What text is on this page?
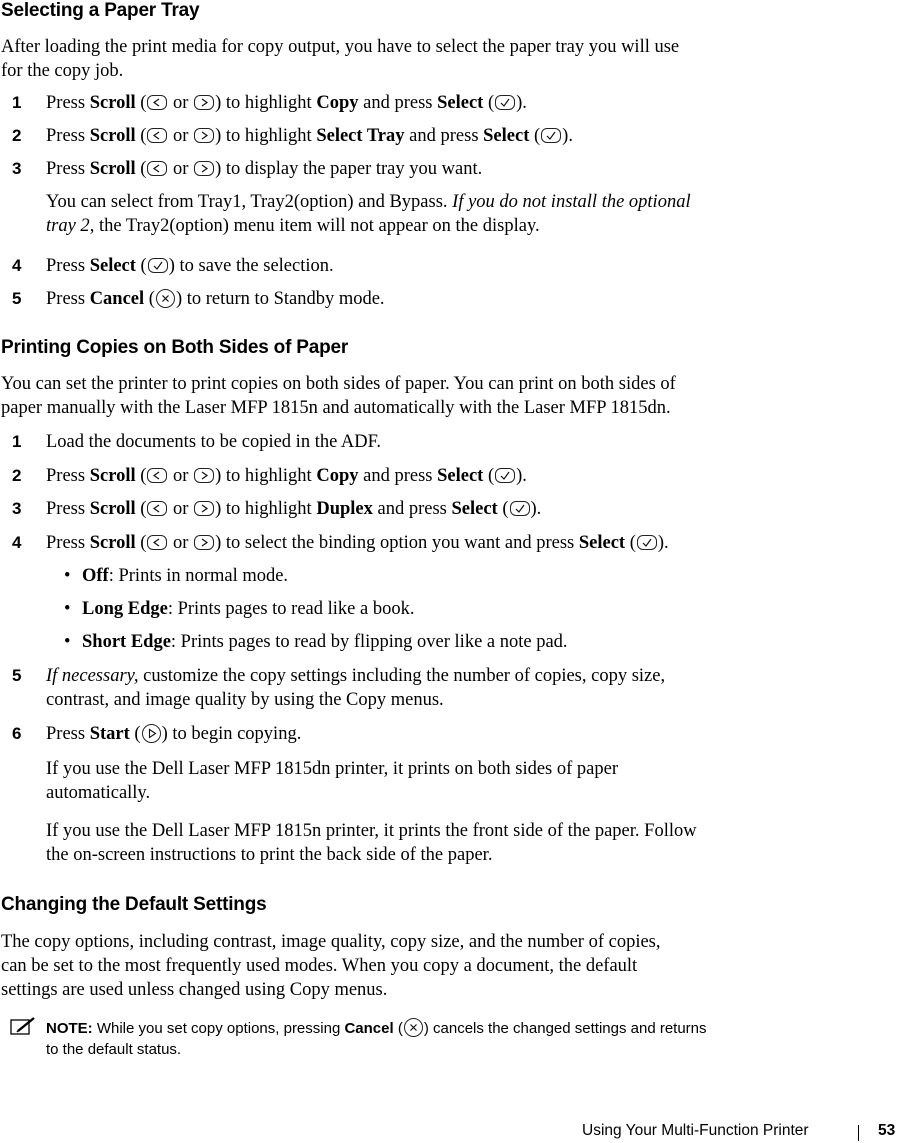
Selecting a Paper Tray
After loading the print media for copy output, you have to select the paper tray you will use
for the copy job.
1 Press Scroll (
or
) to highlight Copy and press Select ( ).
2 Press Scroll (
or
) to highlight Select Tray and press Select ( ).
3 Press Scroll (
or
) to display the paper tray you want.
You can select from Tray1, Tray2(option) and Bypass. If you do not install the optional
tray 2, the Tray2(option) menu item will not appear on the display.
4 Press Select ( ) to save the selection.
5 Press Cancel ( ) to return to Standby mode.
Printing Copies on Both Sides of Paper
You can set the printer to print copies on both sides of paper. You can print on both sides of
paper manually with the Laser MFP 1815n and automatically with the Laser MFP 1815dn.
1 Load the documents to be copied in the ADF.
2 Press Scroll (
or
) to highlight Copy and press Select ( ).
3 Press Scroll (
or
) to highlight Duplex and press Select ( ).
4 Press Scroll (
or
) to select the binding option you want and press Select ( ).
• Off: Prints in normal mode.
• Long Edge: Prints pages to read like a book.
• Short Edge: Prints pages to read by flipping over like a note pad.
5 If necessary, customize the copy settings including the number of copies, copy size,
contrast, and image quality by using the Copy menus.
6 Press Start ( ) to begin copying.
If you use the Dell Laser MFP 1815dn printer, it prints on both sides of paper
automatically.
If you use the Dell Laser MFP 1815n printer, it prints the front side of the paper. Follow
the on-screen instructions to print the back side of the paper.
Changing the Default Settings
The copy options, including contrast, image quality, copy size, and the number of copies,
can be set to the most frequently used modes. When you copy a document, the default
settings are used unless changed using Copy menus.
NOTE: While you set copy options, pressing Cancel ( ) cancels the changed settings and returns
to the default status.
Using Your Multi-Function Printer	53
